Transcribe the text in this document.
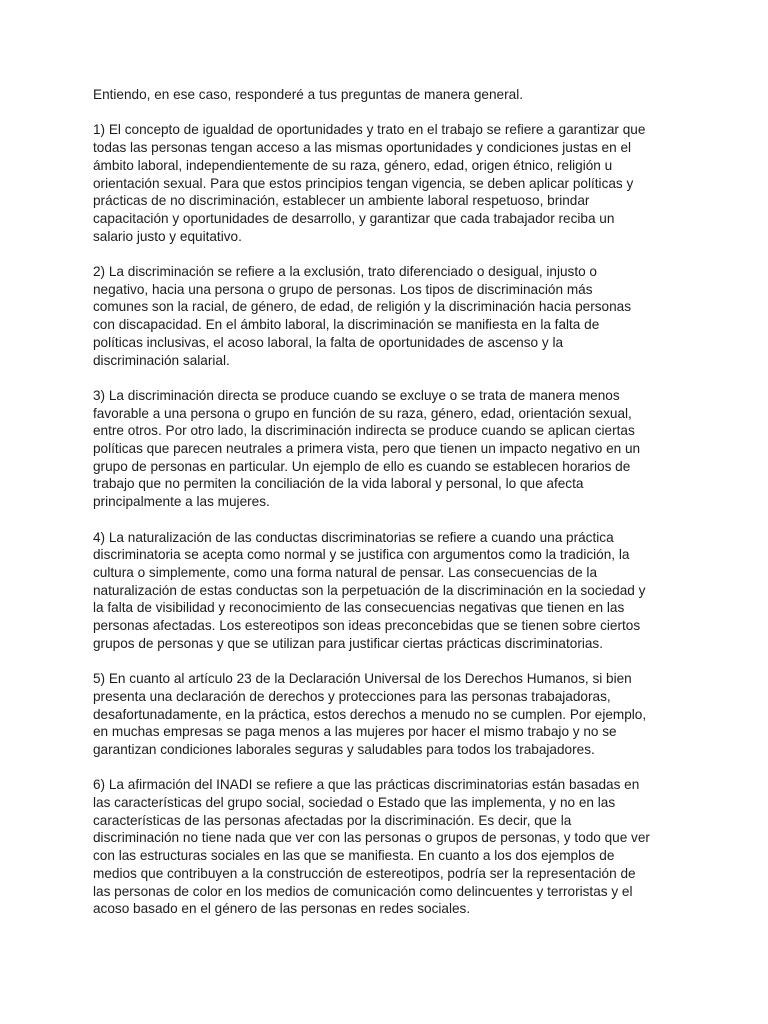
Entiendo, en ese caso, responderé a tus preguntas de manera general.

1) El concepto de igualdad de oportunidades y trato en el trabajo se refiere a garantizar que
todas las personas tengan acceso a las mismas oportunidades y condiciones justas en el
ámbito laboral, independientemente de su raza, género, edad, origen étnico, religión u
orientación sexual. Para que estos principios tengan vigencia, se deben aplicar políticas y
prácticas de no discriminación, establecer un ambiente laboral respetuoso, brindar
capacitación y oportunidades de desarrollo, y garantizar que cada trabajador reciba un
salario justo y equitativo.

2) La discriminación se refiere a la exclusión, trato diferenciado o desigual, injusto o
negativo, hacia una persona o grupo de personas. Los tipos de discriminación más
comunes son la racial, de género, de edad, de religión y la discriminación hacia personas
con discapacidad. En el ámbito laboral, la discriminación se manifiesta en la falta de
políticas inclusivas, el acoso laboral, la falta de oportunidades de ascenso y la
discriminación salarial.

3) La discriminación directa se produce cuando se excluye o se trata de manera menos
favorable a una persona o grupo en función de su raza, género, edad, orientación sexual,
entre otros. Por otro lado, la discriminación indirecta se produce cuando se aplican ciertas
políticas que parecen neutrales a primera vista, pero que tienen un impacto negativo en un
grupo de personas en particular. Un ejemplo de ello es cuando se establecen horarios de
trabajo que no permiten la conciliación de la vida laboral y personal, lo que afecta
principalmente a las mujeres.

4) La naturalización de las conductas discriminatorias se refiere a cuando una práctica
discriminatoria se acepta como normal y se justifica con argumentos como la tradición, la
cultura o simplemente, como una forma natural de pensar. Las consecuencias de la
naturalización de estas conductas son la perpetuación de la discriminación en la sociedad y
la falta de visibilidad y reconocimiento de las consecuencias negativas que tienen en las
personas afectadas. Los estereotipos son ideas preconcebidas que se tienen sobre ciertos
grupos de personas y que se utilizan para justificar ciertas prácticas discriminatorias.

5) En cuanto al artículo 23 de la Declaración Universal de los Derechos Humanos, si bien
presenta una declaración de derechos y protecciones para las personas trabajadoras,
desafortunadamente, en la práctica, estos derechos a menudo no se cumplen. Por ejemplo,
en muchas empresas se paga menos a las mujeres por hacer el mismo trabajo y no se
garantizan condiciones laborales seguras y saludables para todos los trabajadores.

6) La afirmación del INADI se refiere a que las prácticas discriminatorias están basadas en
las características del grupo social, sociedad o Estado que las implementa, y no en las
características de las personas afectadas por la discriminación. Es decir, que la
discriminación no tiene nada que ver con las personas o grupos de personas, y todo que ver
con las estructuras sociales en las que se manifiesta. En cuanto a los dos ejemplos de
medios que contribuyen a la construcción de estereotipos, podría ser la representación de
las personas de color en los medios de comunicación como delincuentes y terroristas y el
acoso basado en el género de las personas en redes sociales.
